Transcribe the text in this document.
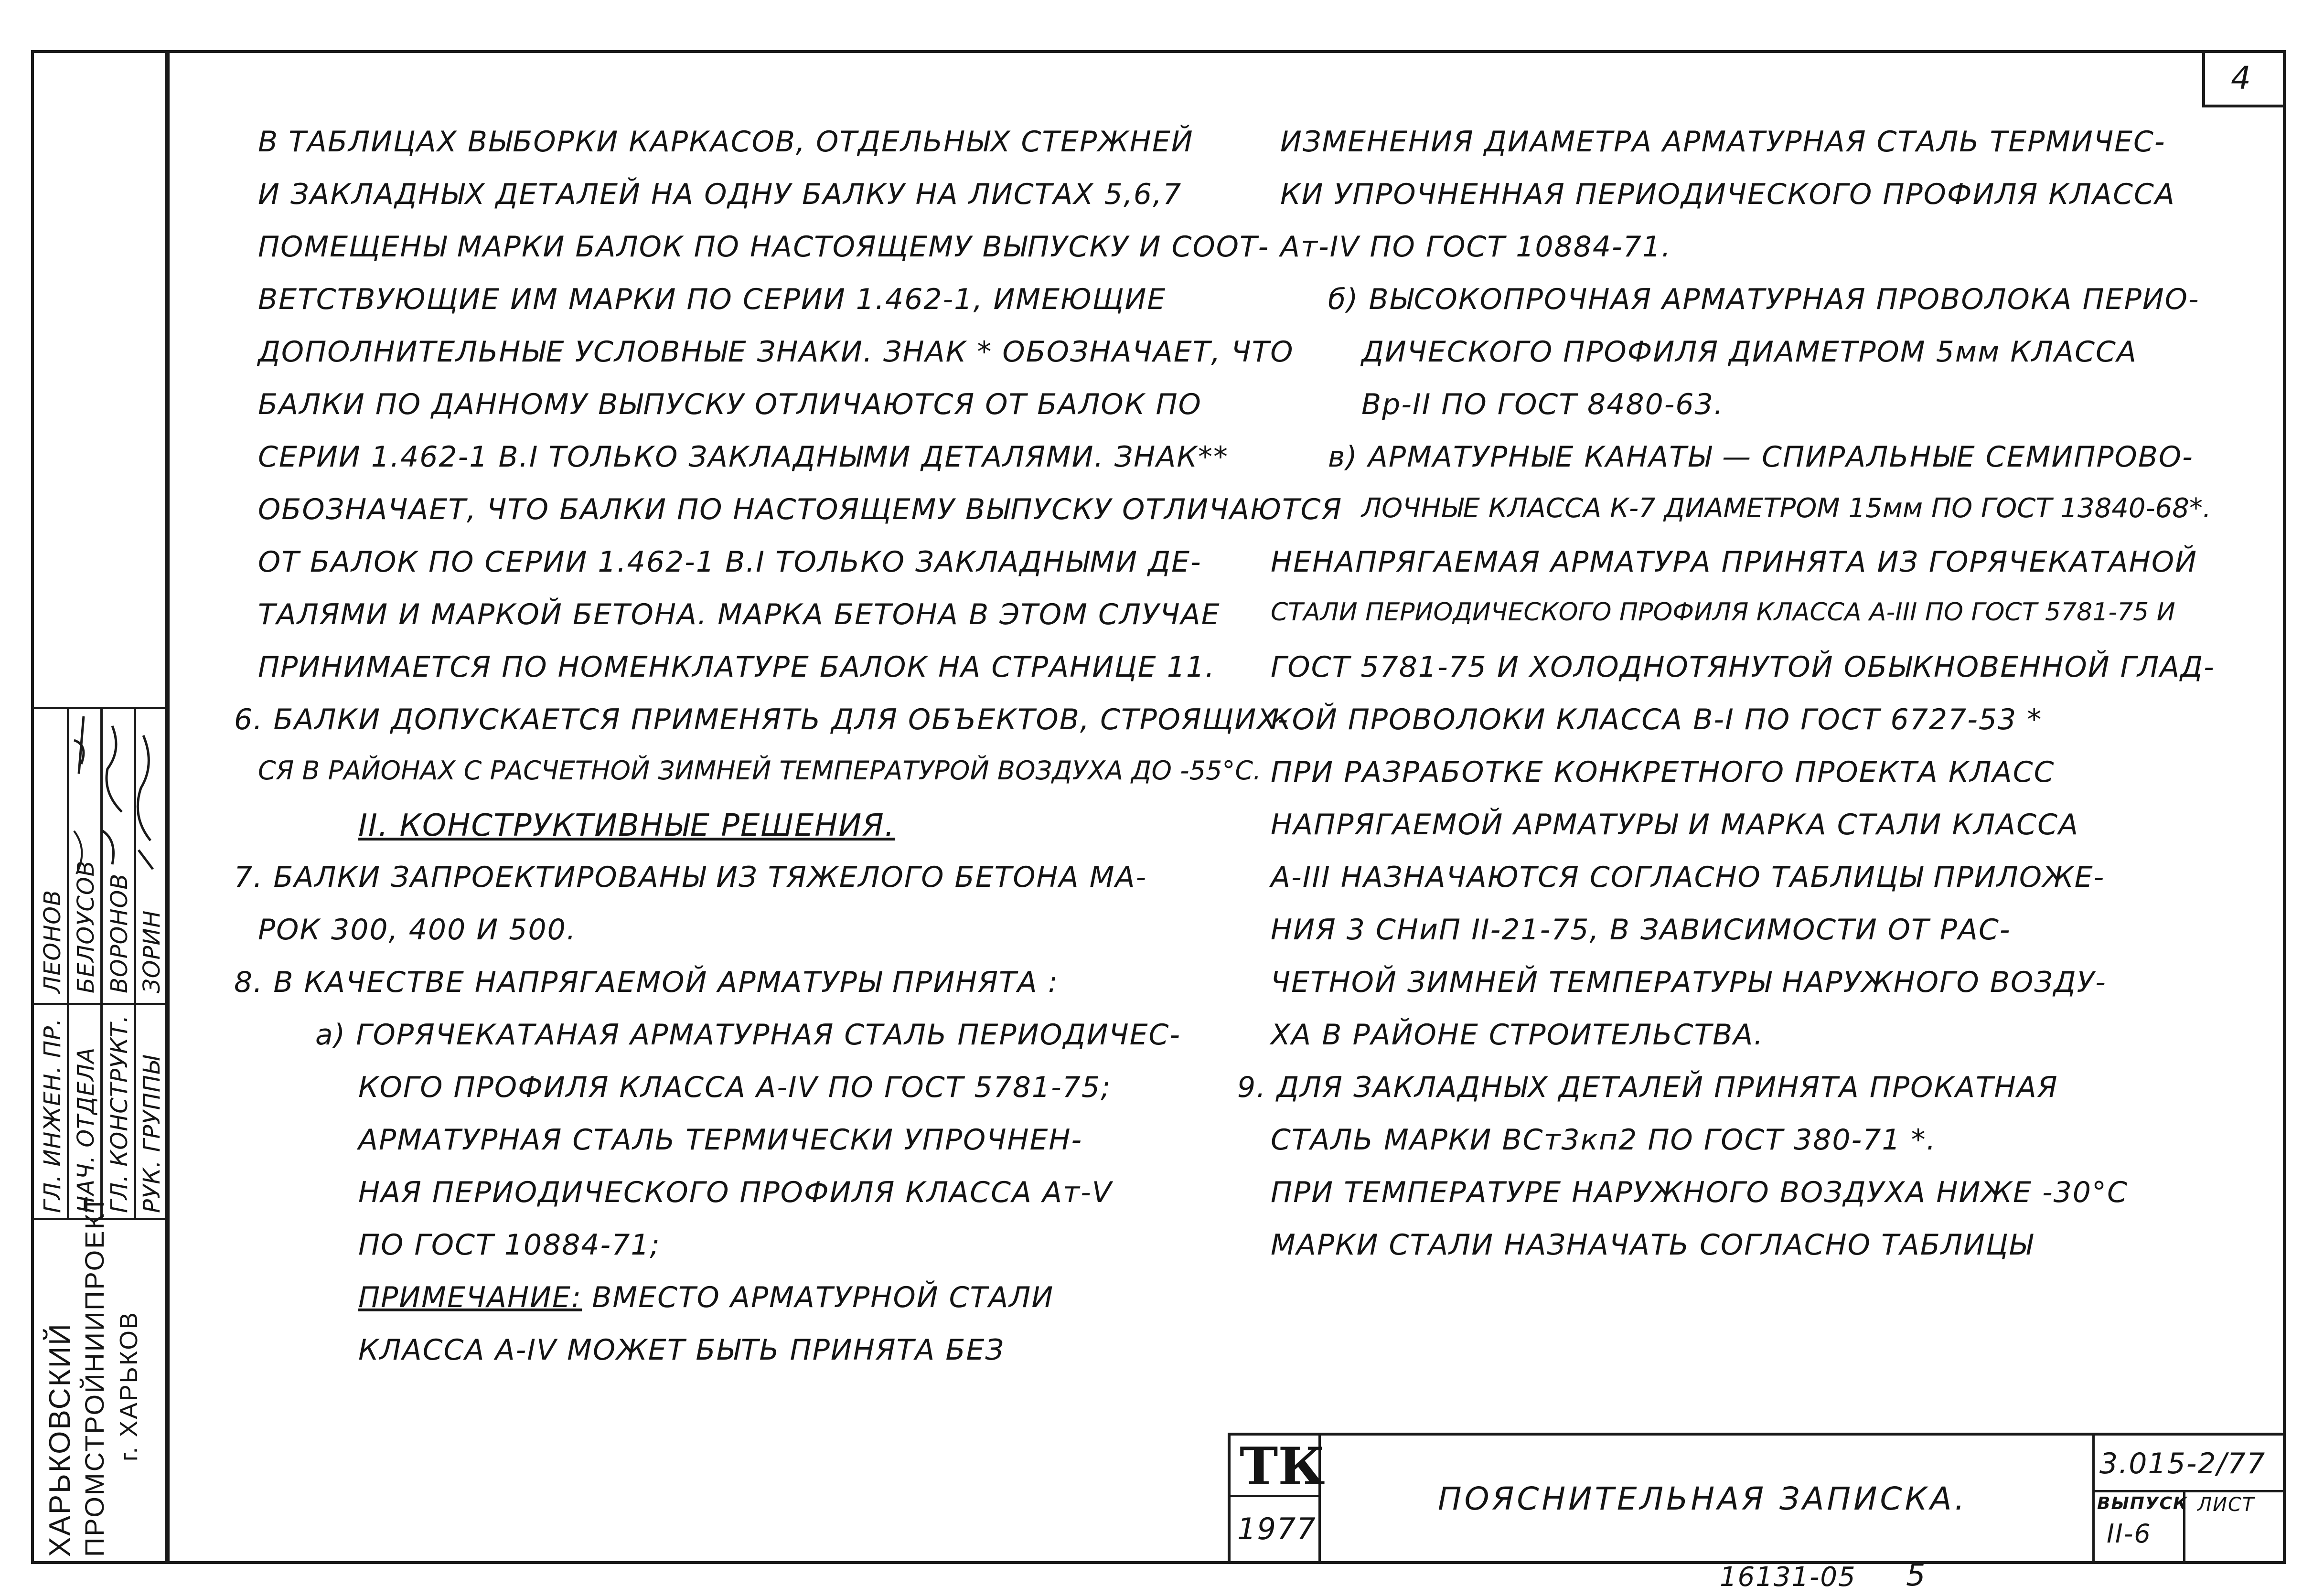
4
ГЛ. ИНЖЕН. ПР.
ЛЕОНОВ
НАЧ. ОТДЕЛА
БЕЛОУСОВ
ГЛ. КОНСТРУКТ.
ВОРОНОВ
РУК. ГРУППЫ
ЗОРИН
ХАРЬКОВСКИЙ ПРОМСТРОЙНИИПРОЕКТ г. ХАРЬКОВ
В ТАБЛИЦАХ ВЫБОРКИ КАРКАСОВ, ОТДЕЛЬНЫХ СТЕРЖНЕЙ
И ЗАКЛАДНЫХ ДЕТАЛЕЙ НА ОДНУ БАЛКУ НА ЛИСТАХ 5,6,7
ПОМЕЩЕНЫ МАРКИ БАЛОК ПО НАСТОЯЩЕМУ ВЫПУСКУ И СООТ-
ВЕТСТВУЮЩИЕ ИМ МАРКИ ПО СЕРИИ 1.462-1, ИМЕЮЩИЕ
ДОПОЛНИТЕЛЬНЫЕ УСЛОВНЫЕ ЗНАКИ. ЗНАК * ОБОЗНАЧАЕТ, ЧТО
БАЛКИ ПО ДАННОМУ ВЫПУСКУ ОТЛИЧАЮТСЯ ОТ БАЛОК ПО
СЕРИИ 1.462-1 В.I ТОЛЬКО ЗАКЛАДНЫМИ ДЕТАЛЯМИ. ЗНАК**
ОБОЗНАЧАЕТ, ЧТО БАЛКИ ПО НАСТОЯЩЕМУ ВЫПУСКУ ОТЛИЧАЮТСЯ
ОТ БАЛОК ПО СЕРИИ 1.462-1 В.I ТОЛЬКО ЗАКЛАДНЫМИ ДЕ-
ТАЛЯМИ И МАРКОЙ БЕТОНА. МАРКА БЕТОНА В ЭТОМ СЛУЧАЕ
ПРИНИМАЕТСЯ ПО НОМЕНКЛАТУРЕ БАЛОК НА СТРАНИЦЕ 11.
6. БАЛКИ ДОПУСКАЕТСЯ ПРИМЕНЯТЬ ДЛЯ ОБЪЕКТОВ, СТРОЯЩИХ-
СЯ В РАЙОНАХ С РАСЧЕТНОЙ ЗИМНЕЙ ТЕМПЕРАТУРОЙ ВОЗДУХА ДО -55°С.
II. КОНСТРУКТИВНЫЕ РЕШЕНИЯ.
7. БАЛКИ ЗАПРОЕКТИРОВАНЫ ИЗ ТЯЖЕЛОГО БЕТОНА МА-
РОК 300, 400 И 500.
8. В КАЧЕСТВЕ НАПРЯГАЕМОЙ АРМАТУРЫ ПРИНЯТА :
а) ГОРЯЧЕКАТАНАЯ АРМАТУРНАЯ СТАЛЬ ПЕРИОДИЧЕС-
КОГО ПРОФИЛЯ КЛАССА А-IV ПО ГОСТ 5781-75;
АРМАТУРНАЯ СТАЛЬ ТЕРМИЧЕСКИ УПРОЧНЕН-
НАЯ ПЕРИОДИЧЕСКОГО ПРОФИЛЯ КЛАССА Ат-V
ПО ГОСТ 10884-71;
ПРИМЕЧАНИЕ: ВМЕСТО АРМАТУРНОЙ СТАЛИ
КЛАССА А-IV МОЖЕТ БЫТЬ ПРИНЯТА БЕЗ
ИЗМЕНЕНИЯ ДИАМЕТРА АРМАТУРНАЯ СТАЛЬ ТЕРМИЧЕС-
КИ УПРОЧНЕННАЯ ПЕРИОДИЧЕСКОГО ПРОФИЛЯ КЛАССА
Ат-IV ПО ГОСТ 10884-71.
б) ВЫСОКОПРОЧНАЯ АРМАТУРНАЯ ПРОВОЛОКА ПЕРИО-
ДИЧЕСКОГО ПРОФИЛЯ ДИАМЕТРОМ 5мм КЛАССА
Вр-II ПО ГОСТ 8480-63.
в) АРМАТУРНЫЕ КАНАТЫ — СПИРАЛЬНЫЕ СЕМИПРОВО-
ЛОЧНЫЕ КЛАССА К-7 ДИАМЕТРОМ 15мм ПО ГОСТ 13840-68*.
НЕНАПРЯГАЕМАЯ АРМАТУРА ПРИНЯТА ИЗ ГОРЯЧЕКАТАНОЙ
СТАЛИ ПЕРИОДИЧЕСКОГО ПРОФИЛЯ КЛАССА А-III ПО ГОСТ 5781-75 И
ГОСТ 5781-75 И ХОЛОДНОТЯНУТОЙ ОБЫКНОВЕННОЙ ГЛАД-
КОЙ ПРОВОЛОКИ КЛАССА В-I ПО ГОСТ 6727-53 *
ПРИ РАЗРАБОТКЕ КОНКРЕТНОГО ПРОЕКТА КЛАСС
НАПРЯГАЕМОЙ АРМАТУРЫ И МАРКА СТАЛИ КЛАССА
А-III НАЗНАЧАЮТСЯ СОГЛАСНО ТАБЛИЦЫ ПРИЛОЖЕ-
НИЯ 3 СНиП II-21-75, В ЗАВИСИМОСТИ ОТ РАС-
ЧЕТНОЙ ЗИМНЕЙ ТЕМПЕРАТУРЫ НАРУЖНОГО ВОЗДУ-
ХА В РАЙОНЕ СТРОИТЕЛЬСТВА.
9. ДЛЯ ЗАКЛАДНЫХ ДЕТАЛЕЙ ПРИНЯТА ПРОКАТНАЯ
СТАЛЬ МАРКИ ВСт3кп2 ПО ГОСТ 380-71 *.
ПРИ ТЕМПЕРАТУРЕ НАРУЖНОГО ВОЗДУХА НИЖЕ -30°С
МАРКИ СТАЛИ НАЗНАЧАТЬ СОГЛАСНО ТАБЛИЦЫ
ТК
1977
ПОЯСНИТЕЛЬНАЯ ЗАПИСКА.
3.015-2/77
ВЫПУСК
II-6
ЛИСТ
16131-05 5
